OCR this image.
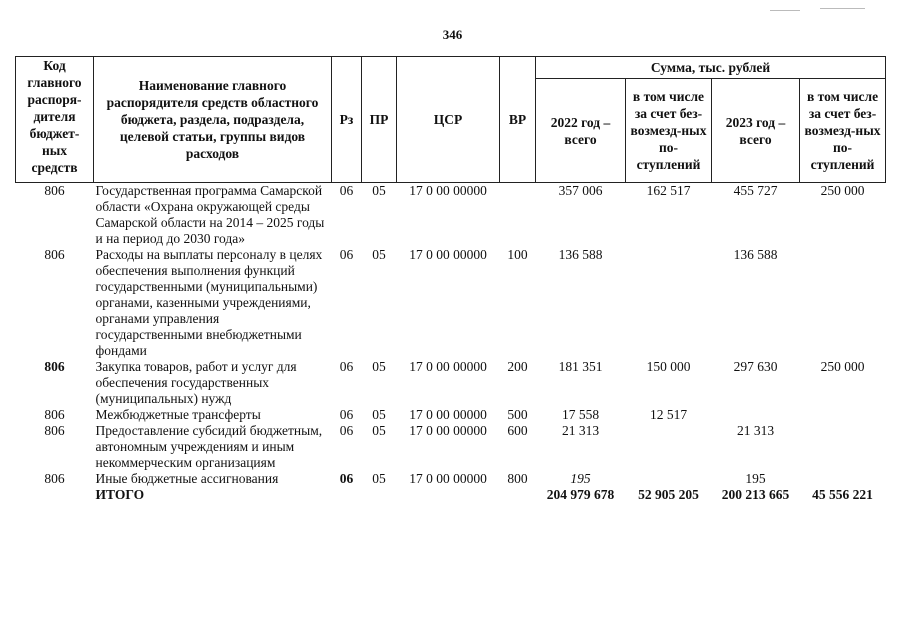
346
Код главного распоря-дителя бюджет-ных средств	Наименование главного распорядителя средств областного бюджета, раздела, подраздела, целевой статьи, группы видов расходов	Рз	ПР	ЦСР	ВР	Сумма, тыс. рублей			
						2022 год – всего	в том числе за счет без-возмезд-ных по-ступлений	2023 год – всего	в том числе за счет без-возмезд-ных по-ступлений
806	Государственная программа Самарской области «Охрана окружающей среды Самарской области на 2014 – 2025 годы и на период до 2030 года»	06	05	17 0 00 00000		357 006	162 517	455 727	250 000
806	Расходы на выплаты персоналу в целях обеспечения выполнения функций государственными (муниципальными) органами, казенными учреждениями, органами управления государственными внебюджетными фондами	06	05	17 0 00 00000	100	136 588		136 588	
806	Закупка товаров, работ и услуг для обеспечения государственных (муниципальных) нужд	06	05	17 0 00 00000	200	181 351	150 000	297 630	250 000
806	Межбюджетные трансферты	06	05	17 0 00 00000	500	17 558	12 517		
806	Предоставление субсидий бюджетным, автономным учреждениям и иным некоммерческим организациям	06	05	17 0 00 00000	600	21 313		21 313	
806	Иные бюджетные ассигнования	06	05	17 0 00 00000	800	195		195	
	ИТОГО					204 979 678	52 905 205	200 213 665	45 556 221
